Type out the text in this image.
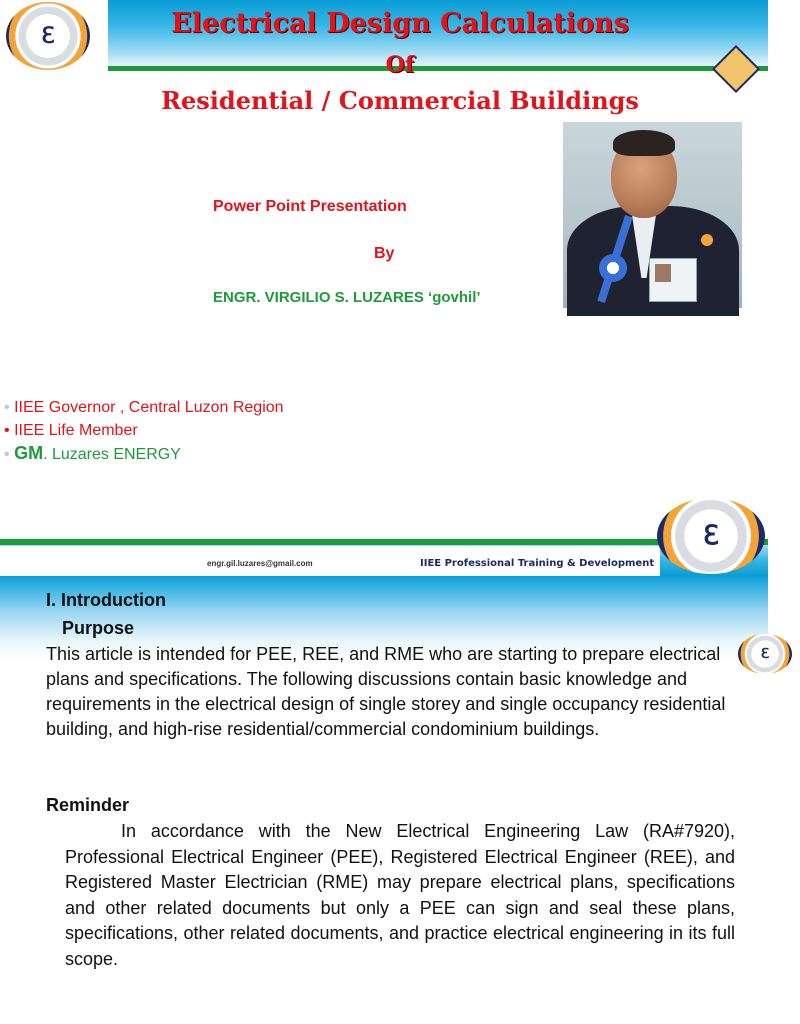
ℇ	Electrical Design Calculations
Of
Residential / Commercial Buildings
Power Point Presentation
By
ENGR. VIRGILIO S. LUZARES ‘govhil’
• IIEE Governor , Central Luzon Region
• IIEE Life Member
• GM. Luzares ENERGY
ℇ
engr.gil.luzares@gmail.com	IIEE Professional Training & Development
ℇ
I. Introduction
Purpose
This article is intended for PEE, REE, and RME who are starting to prepare electrical plans and specifications. The following discussions contain basic knowledge and requirements in the electrical design of single storey and single occupancy residential building, and high-rise residential/commercial condominium buildings.
Reminder
In accordance with the New Electrical Engineering Law (RA#7920), Professional Electrical Engineer (PEE), Registered Electrical Engineer (REE), and Registered Master Electrician (RME) may prepare electrical plans, specifications and other related documents but only a PEE can sign and seal these plans, specifications, other related documents, and practice electrical engineering in its full scope.
